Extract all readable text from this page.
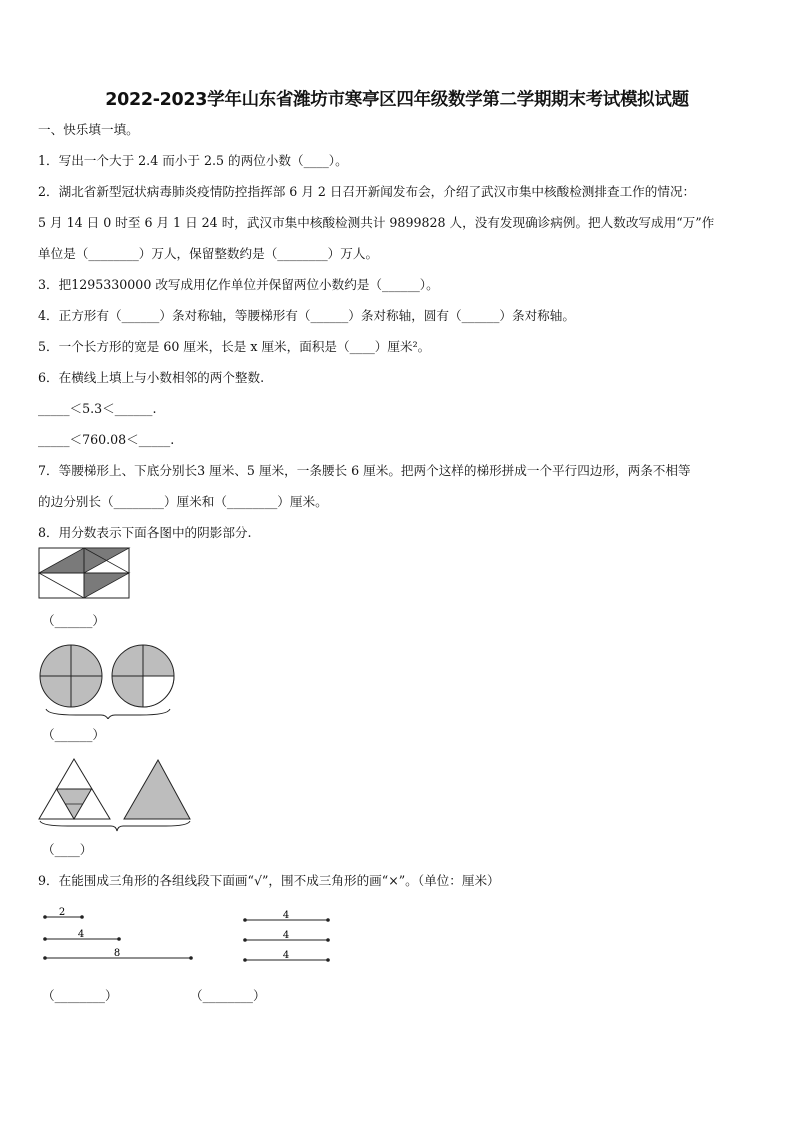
2022-2023学年山东省潍坊市寒亭区四年级数学第二学期期末考试模拟试题
一、快乐填一填。
1．写出一个大于 2.4 而小于 2.5 的两位小数（____）。
2．湖北省新型冠状病毒肺炎疫情防控指挥部 6 月 2 日召开新闻发布会，介绍了武汉市集中核酸检测排查工作的情况：
5 月 14 日 0 时至 6 月 1 日 24 时，武汉市集中核酸检测共计 9899828 人，没有发现确诊病例。把人数改写成用“万”作
单位是（________）万人，保留整数约是（________）万人。
3．把1295330000 改写成用亿作单位并保留两位小数约是（______）。
4．正方形有（______）条对称轴，等腰梯形有（______）条对称轴，圆有（______）条对称轴。
5．一个长方形的宽是 60 厘米，长是 x 厘米，面积是（____）厘米²。
6．在横线上填上与小数相邻的两个整数.
_____＜5.3＜______.
_____＜760.08＜_____.
7．等腰梯形上、下底分别长3 厘米、5 厘米，一条腰长 6 厘米。把两个这样的梯形拼成一个平行四边形，两条不相等
的边分别长（________）厘米和（________）厘米。
8．用分数表示下面各图中的阴影部分.
（______）
（______）
（____）
9．在能围成三角形的各组线段下面画“√”，围不成三角形的画“×”。（单位：厘米）
2
4
8
4
4
4
（________）	（________）
